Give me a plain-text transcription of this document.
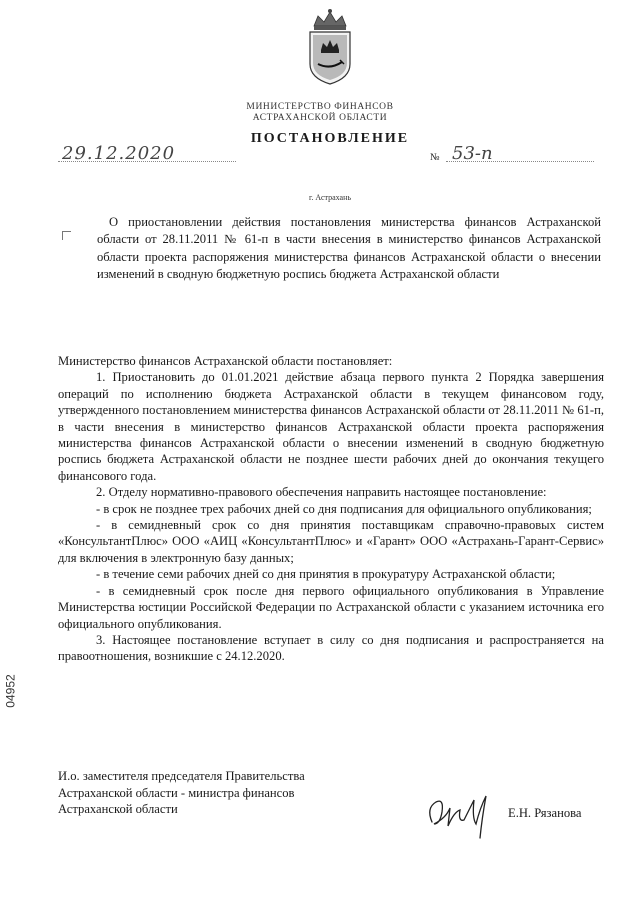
МИНИСТЕРСТВО ФИНАНСОВ
АСТРАХАНСКОЙ ОБЛАСТИ
ПОСТАНОВЛЕНИЕ
29.12.2020	№ 53-п
г. Астрахань
О приостановлении действия постановления министерства финансов Астраханской области от 28.11.2011 № 61-п в части внесения в министерство финансов Астраханской области проекта распоряжения министерства финансов Астраханской области о внесении изменений в сводную бюджетную роспись бюджета Астраханской области

Министерство финансов Астраханской области постановляет:

1. Приостановить до 01.01.2021 действие абзаца первого пункта 2 Порядка завершения операций по исполнению бюджета Астраханской области в текущем финансовом году, утвержденного постановлением министерства финансов Астраханской области от 28.11.2011 № 61-п, в части внесения в министерство финансов Астраханской области проекта распоряжения министерства финансов Астраханской области о внесении изменений в сводную бюджетную роспись бюджета Астраханской области не позднее шести рабочих дней до окончания текущего финансового года.

2. Отделу нормативно-правового обеспечения направить настоящее постановление:

- в срок не позднее трех рабочих дней со дня подписания для официального опубликования;

- в семидневный срок со дня принятия поставщикам справочно-правовых систем «КонсультантПлюс» ООО «АИЦ «КонсультантПлюс» и «Гарант» ООО «Астрахань-Гарант-Сервис» для включения в электронную базу данных;

- в течение семи рабочих дней со дня принятия в прокуратуру Астраханской области;

- в семидневный срок после дня первого официального опубликования в Управление Министерства юстиции Российской Федерации по Астраханской области с указанием источника его официального опубликования.

3. Настоящее постановление вступает в силу со дня подписания и распространяется на правоотношения, возникшие с 24.12.2020.

И.о. заместителя председателя Правительства
Астраханской области - министра финансов
Астраханской области	Е.Н. Рязанова
04952
